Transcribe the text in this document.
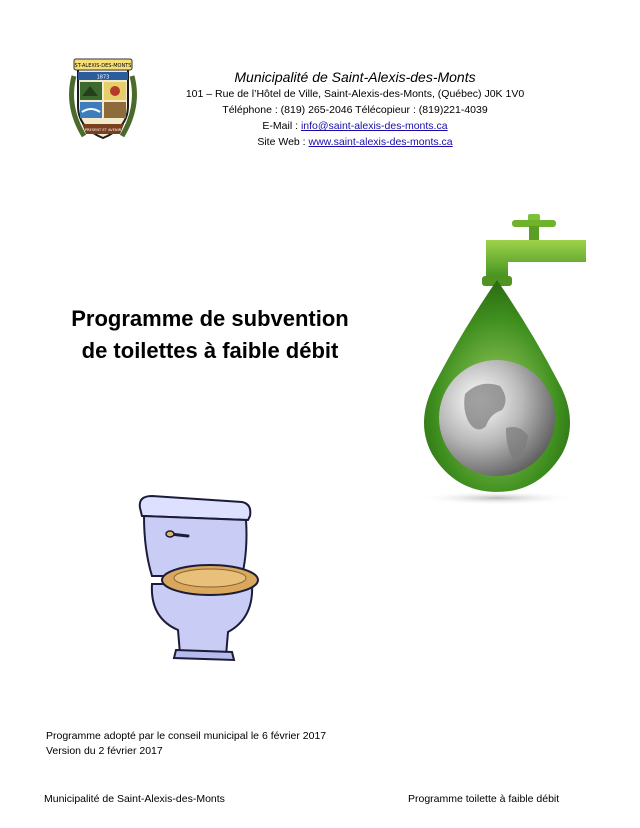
ST-ALEXIS-DES-MONTS
1873
PRESENT ET AVENIR
Municipalité de Saint-Alexis-des-Monts
101 – Rue de l’Hôtel de Ville, Saint-Alexis-des-Monts, (Québec) J0K 1V0
Téléphone : (819) 265-2046 Télécopieur : (819)221-4039
E-Mail : info@saint-alexis-des-monts.ca
Site Web : www.saint-alexis-des-monts.ca
Programme de subvention
de toilettes à faible débit
Programme adopté par le conseil municipal le 6 février 2017
Version du 2 février 2017
Municipalité de Saint-Alexis-des-Monts	Programme toilette à faible débit
